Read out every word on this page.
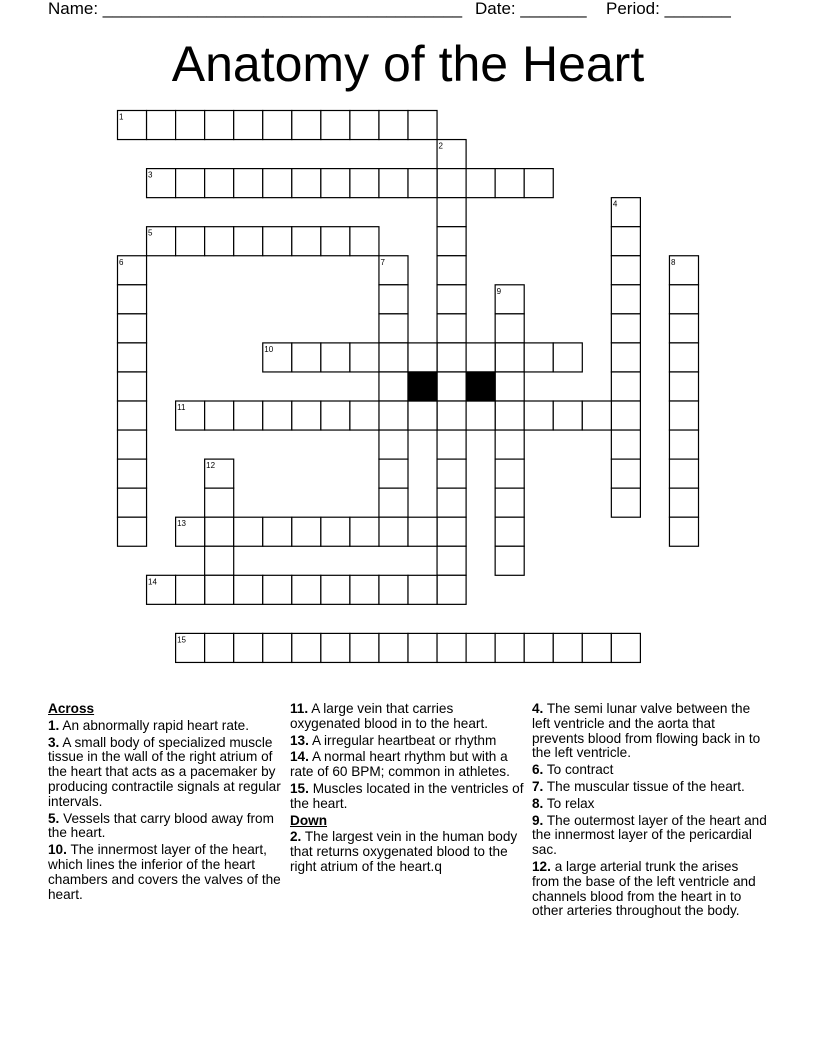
Name: ______________________________________ Date: _______ Period: _______
Anatomy of the Heart
1
2
3
4
5
6	7	8
9
10
11
12
13
14
15
Across
1. An abnormally rapid heart rate.
3. A small body of specialized muscle tissue in the wall of the right atrium of the heart that acts as a pacemaker by producing contractile signals at regular intervals.
5. Vessels that carry blood away from the heart.
10. The innermost layer of the heart, which lines the inferior of the heart chambers and covers the valves of the heart.
11. A large vein that carries oxygenated blood in to the heart.
13. A irregular heartbeat or rhythm
14. A normal heart rhythm but with a rate of 60 BPM; common in athletes.
15. Muscles located in the ventricles of the heart.
Down
2. The largest vein in the human body that returns oxygenated blood to the right atrium of the heart.q
4. The semi lunar valve between the left ventricle and the aorta that prevents blood from flowing back in to the left ventricle.
6. To contract
7. The muscular tissue of the heart.
8. To relax
9. The outermost layer of the heart and the innermost layer of the pericardial sac.
12. a large arterial trunk the arises from the base of the left ventricle and channels blood from the heart in to other arteries throughout the body.
